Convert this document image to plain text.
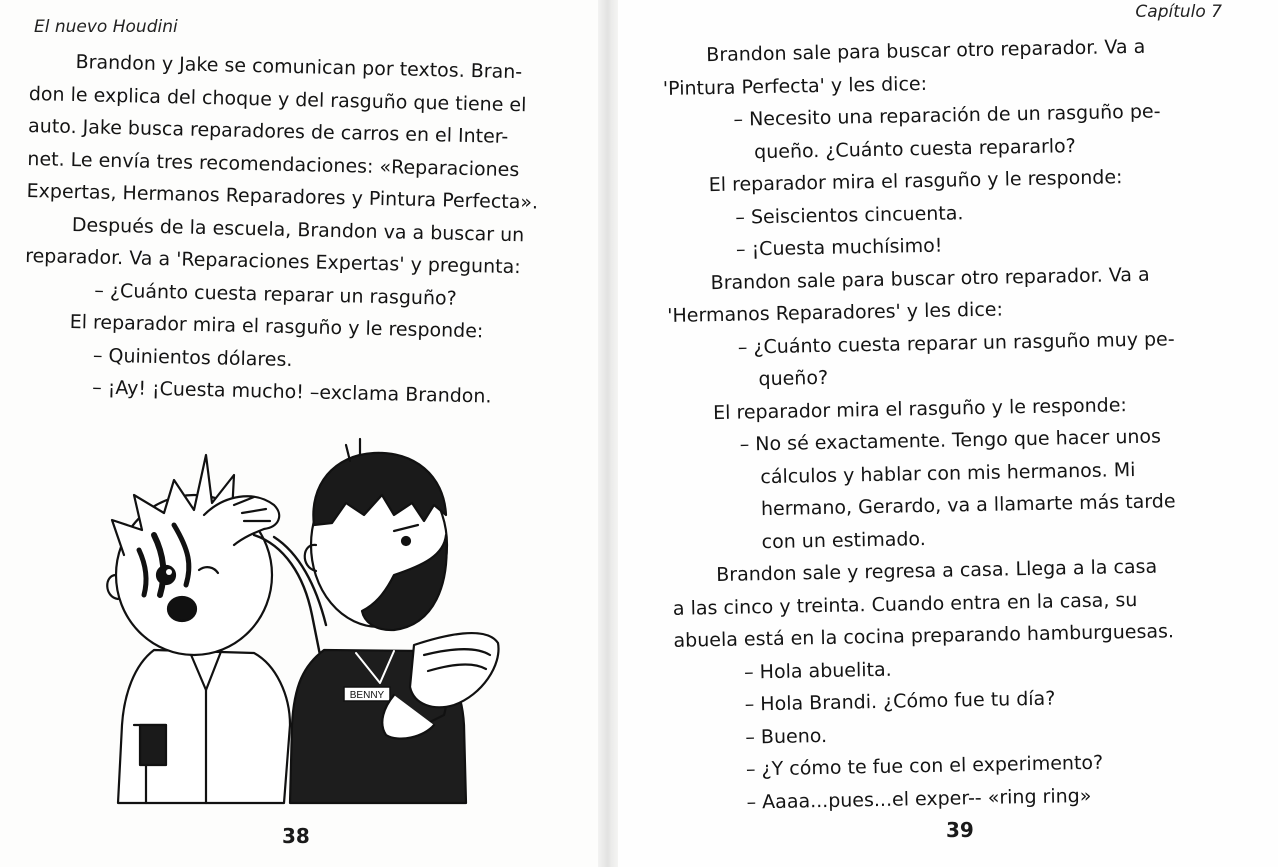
El nuevo Houdini
Brandon y Jake se comunican por textos. Bran-
don le explica del choque y del rasguño que tiene el
auto. Jake busca reparadores de carros en el Inter-
net. Le envía tres recomendaciones: «Reparaciones
Expertas, Hermanos Reparadores y Pintura Perfecta».
Después de la escuela, Brandon va a buscar un
reparador. Va a 'Reparaciones Expertas' y pregunta:
– ¿Cuánto cuesta reparar un rasguño?
El reparador mira el rasguño y le responde:
– Quinientos dólares.
– ¡Ay! ¡Cuesta mucho! –exclama Brandon.
BENNY
38
Capítulo 7
Brandon sale para buscar otro reparador. Va a
'Pintura Perfecta' y les dice:
– Necesito una reparación de un rasguño pe-
queño. ¿Cuánto cuesta repararlo?
El reparador mira el rasguño y le responde:
– Seiscientos cincuenta.
– ¡Cuesta muchísimo!
Brandon sale para buscar otro reparador. Va a
'Hermanos Reparadores' y les dice:
– ¿Cuánto cuesta reparar un rasguño muy pe-
queño?
El reparador mira el rasguño y le responde:
– No sé exactamente. Tengo que hacer unos
cálculos y hablar con mis hermanos. Mi
hermano, Gerardo, va a llamarte más tarde
con un estimado.
Brandon sale y regresa a casa. Llega a la casa
a las cinco y treinta. Cuando entra en la casa, su
abuela está en la cocina preparando hamburguesas.
– Hola abuelita.
– Hola Brandi. ¿Cómo fue tu día?
– Bueno.
– ¿Y cómo te fue con el experimento?
– Aaaa...pues...el exper-- «ring ring»
39
